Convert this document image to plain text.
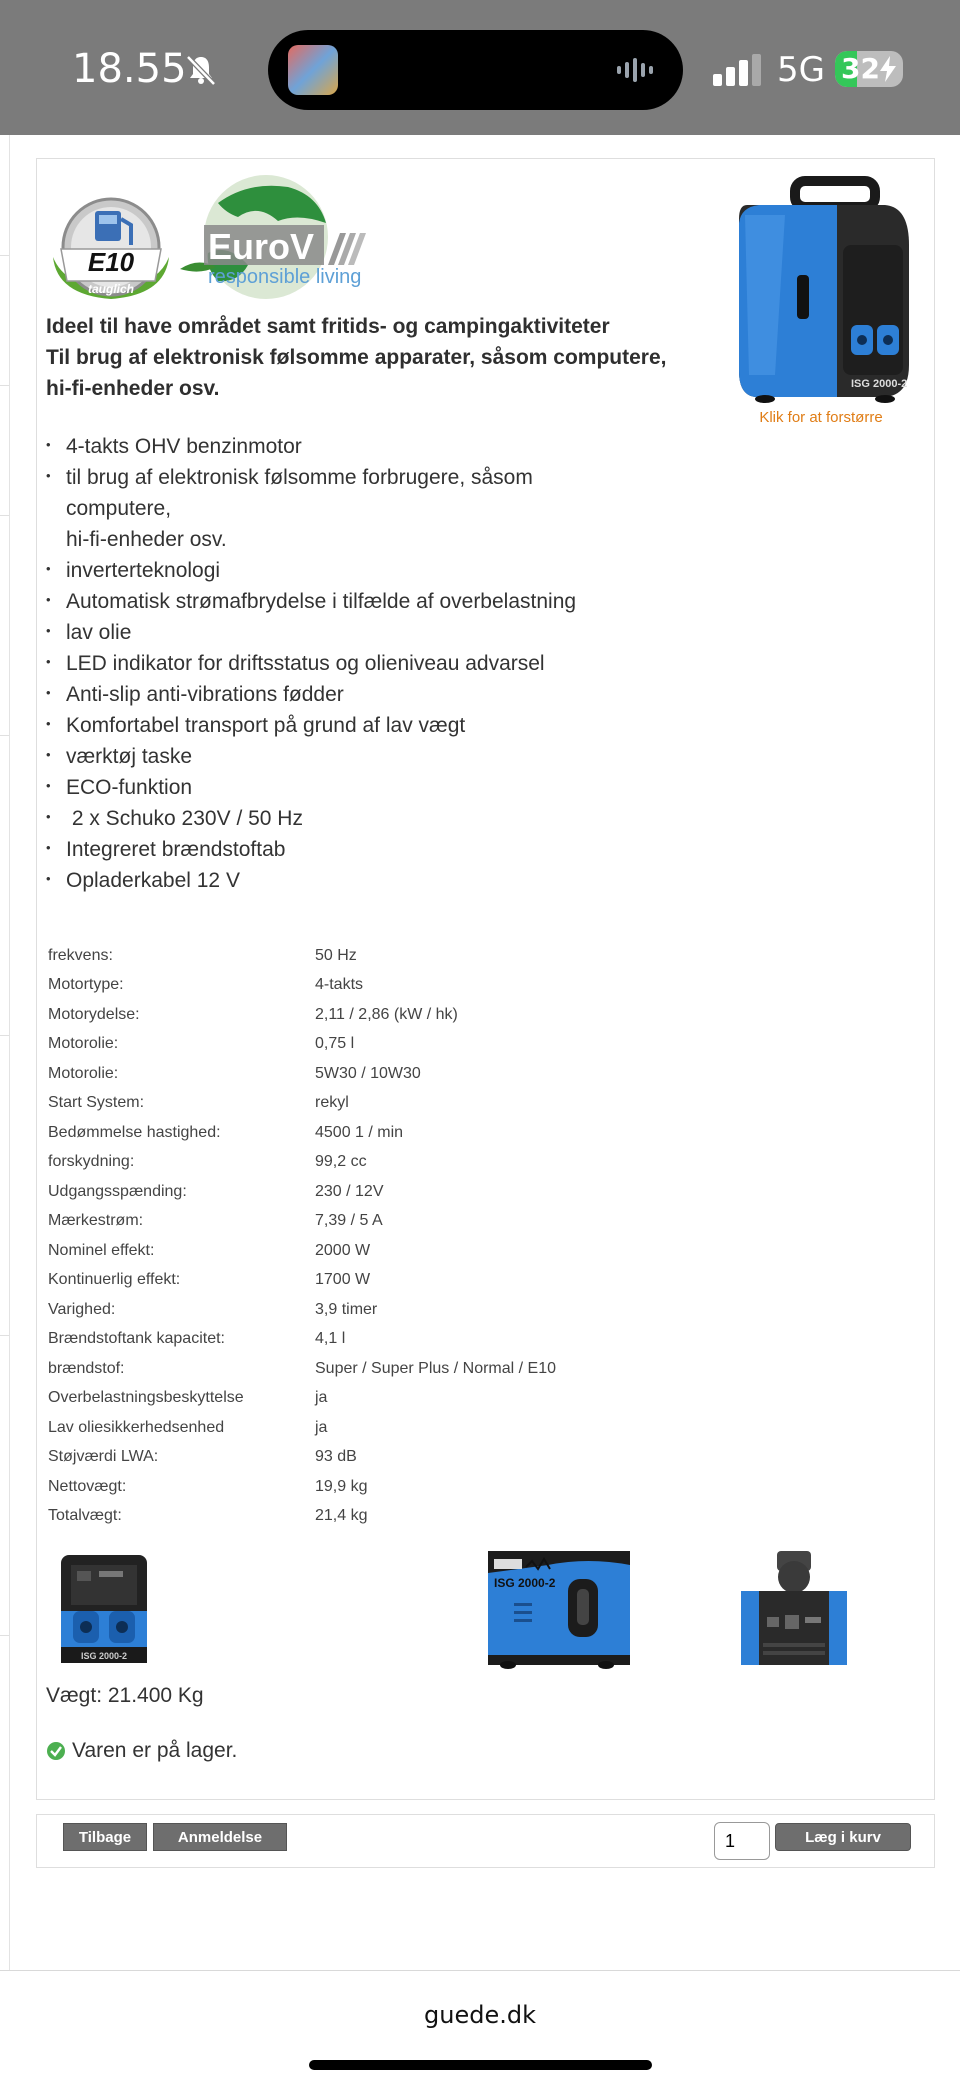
18.55	5G 32
E10
tauglich
EuroV
responsible living
Ideel til have området samt fritids- og campingaktiviteter
Til brug af elektronisk følsomme apparater, såsom computere,
hi-fi-enheder osv.	ISG 2000-2
Klik for at forstørre
• 4-takts OHV benzinmotor
• til brug af elektronisk følsomme forbrugere, såsom
computere,
hi-fi-enheder osv.
• inverterteknologi
• Automatisk strømafbrydelse i tilfælde af overbelastning
• lav olie
• LED indikator for driftsstatus og olieniveau advarsel
• Anti-slip anti-vibrations fødder
• Komfortabel transport på grund af lav vægt
• værktøj taske
• ECO-funktion
•  2 x Schuko 230V / 50 Hz
• Integreret brændstoftab
• Opladerkabel 12 V
frekvens:	50 Hz
Motortype:	4-takts
Motorydelse:	2,11 / 2,86 (kW / hk)
Motorolie:	0,75 l
Motorolie:	5W30 / 10W30
Start System:	rekyl
Bedømmelse hastighed:	4500 1 / min
forskydning:	99,2 cc
Udgangsspænding:	230 / 12V
Mærkestrøm:	7,39 / 5 A
Nominel effekt:	2000 W
Kontinuerlig effekt:	1700 W
Varighed:	3,9 timer
Brændstoftank kapacitet:	4,1 l
brændstof:	Super / Super Plus / Normal / E10
Overbelastningsbeskyttelse	ja
Lav oliesikkerhedsenhed	ja
Støjværdi LWA:	93 dB
Nettovægt:	19,9 kg
Totalvægt:	21,4 kg
ISG 2000-2
ISG 2000-2
Vægt: 21.400 Kg
Varen er på lager.
Tilbage	Anmeldelse
1	Læg i kurv
guede.dk
